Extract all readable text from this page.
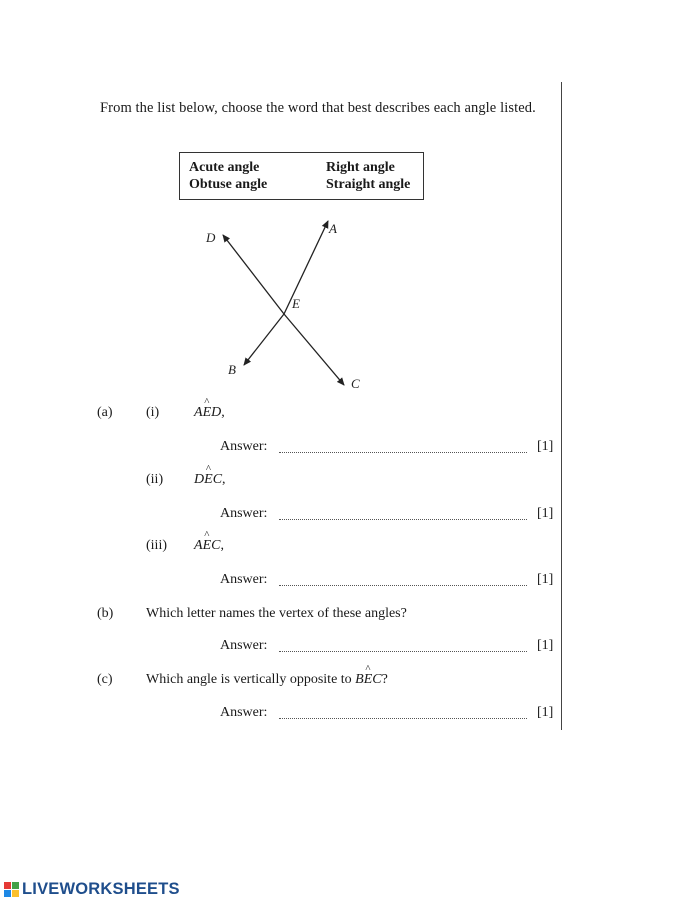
From the list below, choose the word that best describes each angle listed.
Acute angle
Obtuse angle
Right angle
Straight angle
D
A
E
B
C
(a) (i) A
^
ED,
Answer:	[1]
(ii) D
^
EC,
Answer:	[1]
(iii) A
^
EC,
Answer:	[1]
(b) Which letter names the vertex of these angles?
Answer:	[1]
(c) Which angle is vertically opposite to B
^
EC?
Answer:	[1]
LIVEWORKSHEETS
